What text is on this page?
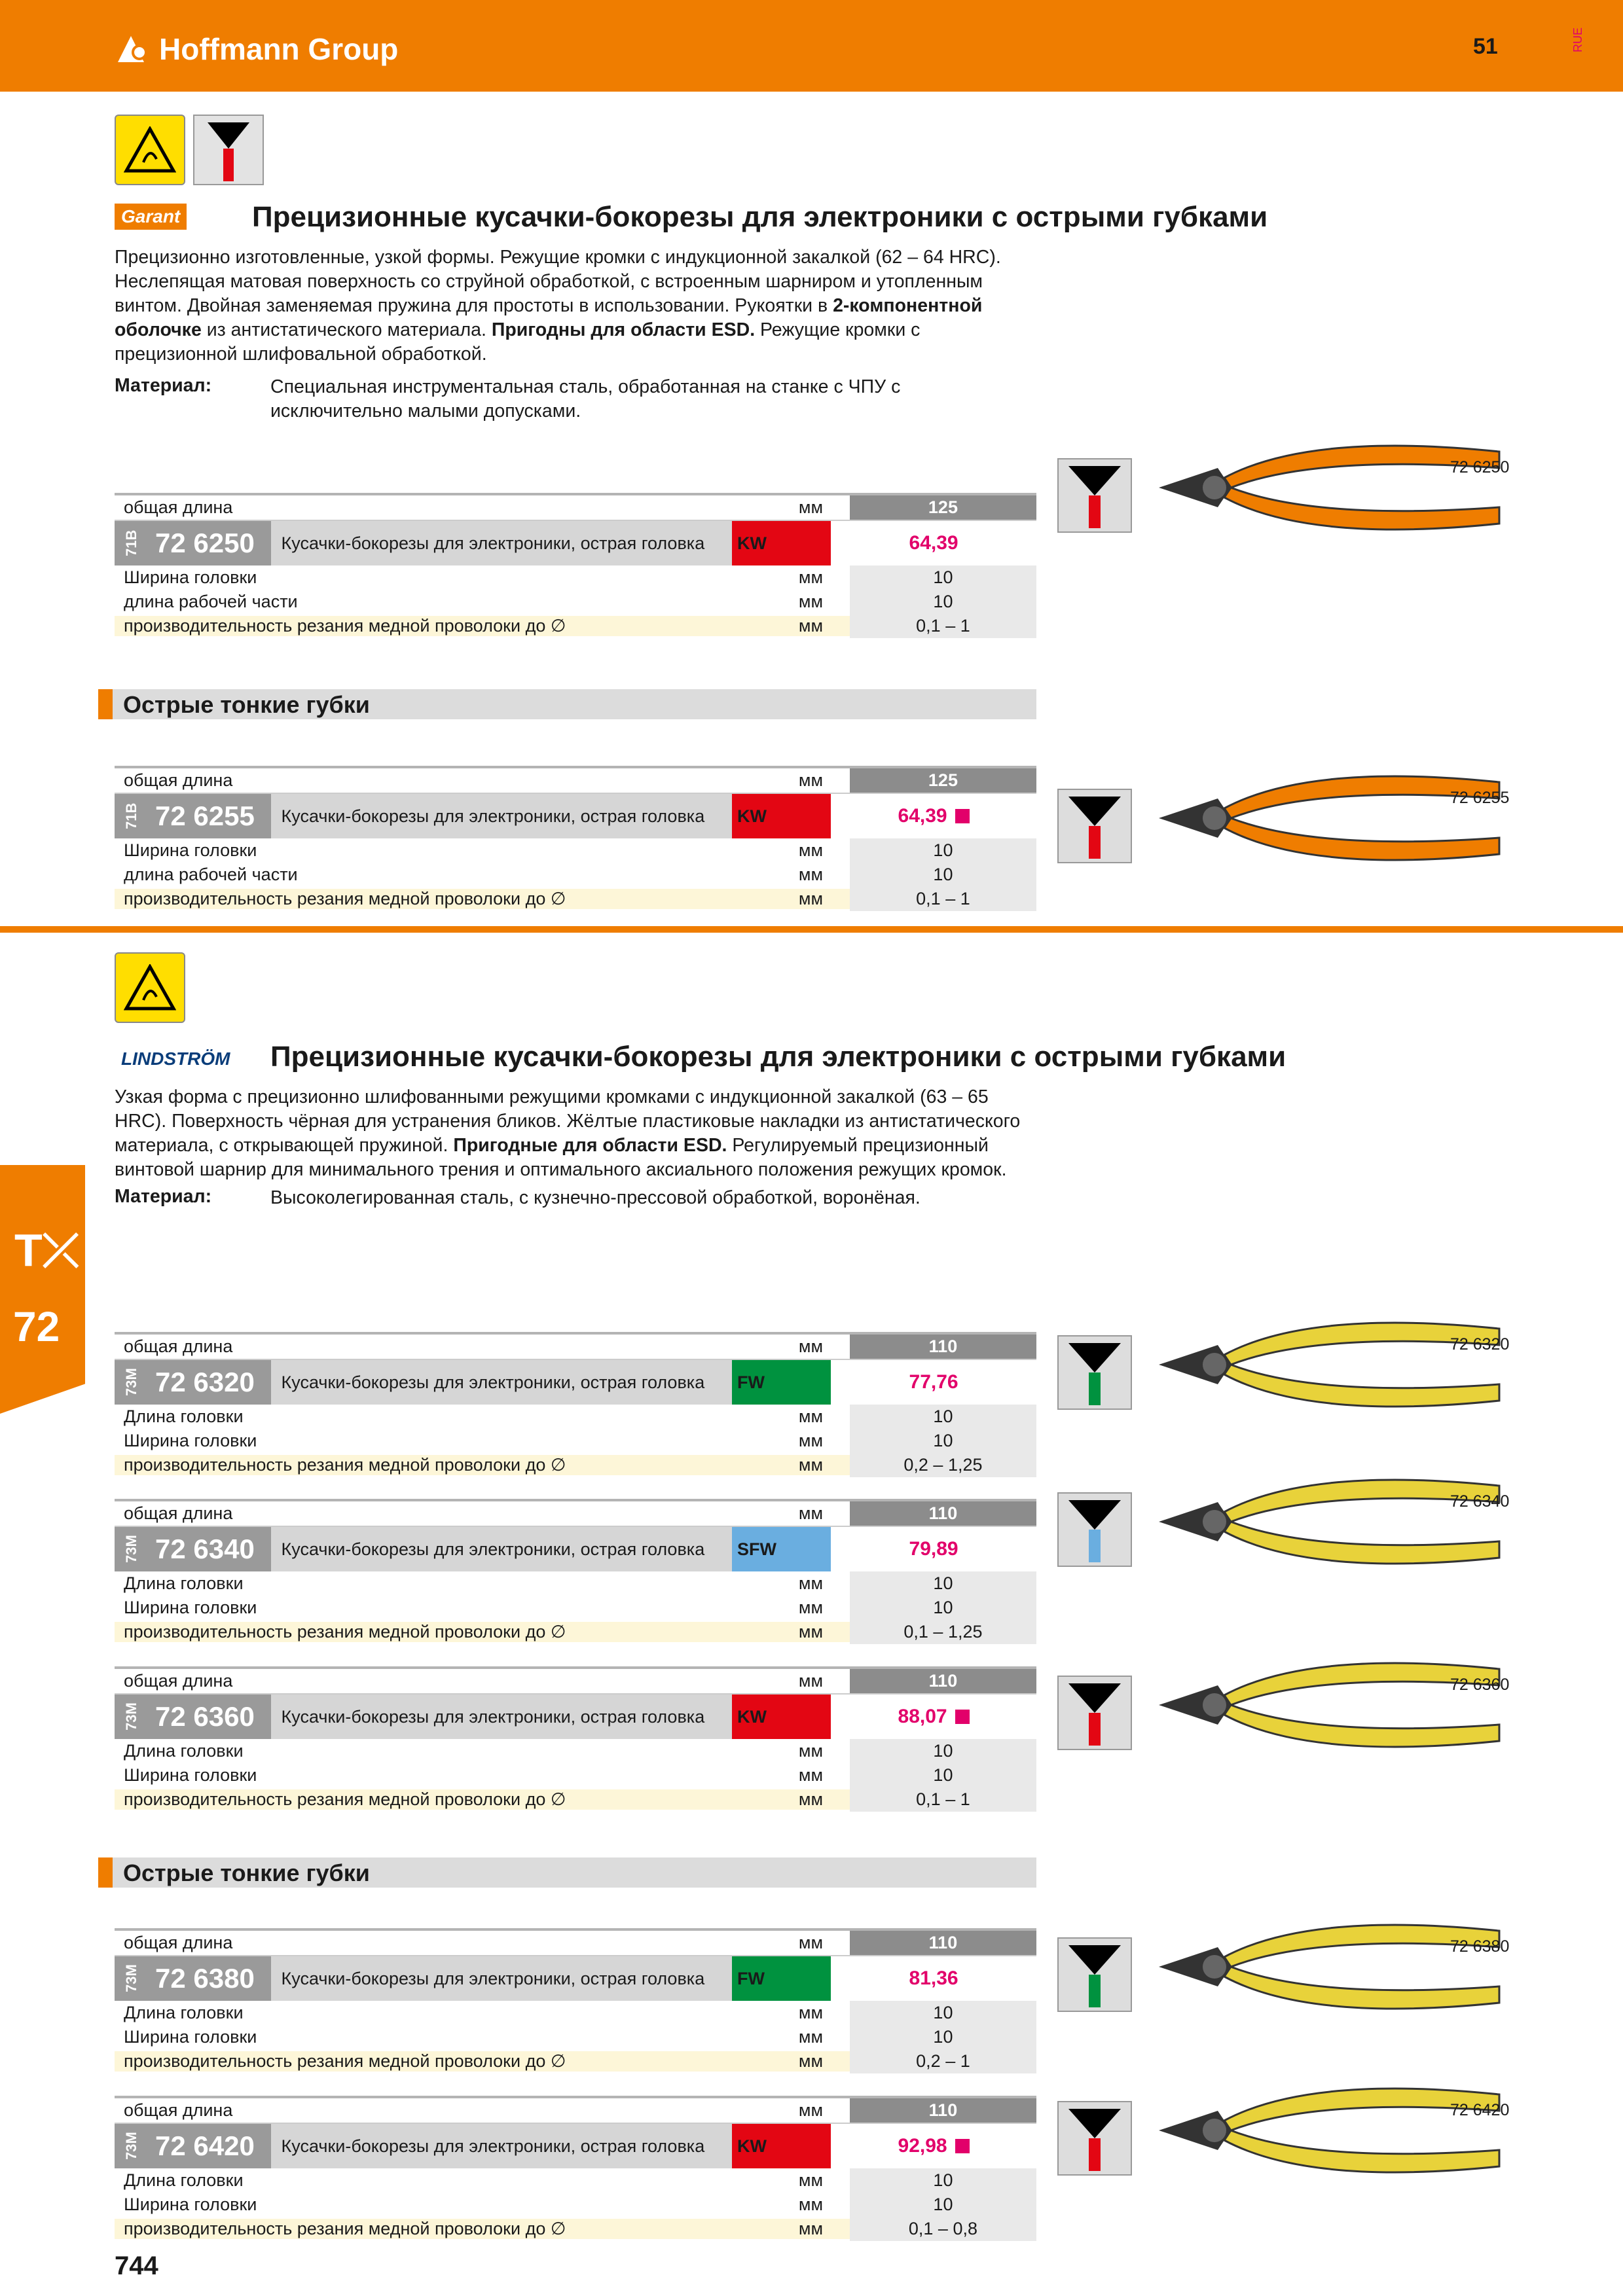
Hoffmann Group	51	RUE
Garant Прецизионные кусачки-бокорезы для электроники с острыми губками
Прецизионно изготовленные, узкой формы. Режущие кромки с индукционной закалкой (62 – 64 HRC). Неслепящая матовая поверхность со струйной обработкой, с встроенным шарниром и утопленным винтом. Двойная заменяемая пружина для простоты в использовании. Рукоятки в 2-компонентной оболочке из антистатического материала. Пригодны для области ESD. Режущие кромки с прецизионной шлифовальной обработкой.
Материал:	Специальная инструментальная сталь, обработанная на станке с ЧПУ с исключительно малыми допусками.
общая длина	мм	125
71В 72 6250	Кусачки-бокорезы для электроники, острая головка	KW	64,39
Ширина головки	мм	10
длина рабочей части	мм	10
производительность резания медной проволоки до ∅	мм	0,1 – 1
общая длина	мм	125
71В 72 6255	Кусачки-бокорезы для электроники, острая головка	KW	64,39
Ширина головки	мм	10
длина рабочей части	мм	10
производительность резания медной проволоки до ∅	мм	0,1 – 1
общая длина	мм	110
73М 72 6320	Кусачки-бокорезы для электроники, острая головка	FW	77,76
Длина головки	мм	10
Ширина головки	мм	10
производительность резания медной проволоки до ∅	мм	0,2 – 1,25
общая длина	мм	110
73М 72 6340	Кусачки-бокорезы для электроники, острая головка	SFW	79,89
Длина головки	мм	10
Ширина головки	мм	10
производительность резания медной проволоки до ∅	мм	0,1 – 1,25
общая длина	мм	110
73М 72 6360	Кусачки-бокорезы для электроники, острая головка	KW	88,07
Длина головки	мм	10
Ширина головки	мм	10
производительность резания медной проволоки до ∅	мм	0,1 – 1
общая длина	мм	110
73М 72 6380	Кусачки-бокорезы для электроники, острая головка	FW	81,36
Длина головки	мм	10
Ширина головки	мм	10
производительность резания медной проволоки до ∅	мм	0,2 – 1
общая длина	мм	110
73М 72 6420	Кусачки-бокорезы для электроники, острая головка	KW	92,98
Длина головки	мм	10
Ширина головки	мм	10
производительность резания медной проволоки до ∅	мм	0,1 – 0,8
Острые тонкие губки
LINDSTRÖM Прецизионные кусачки-бокорезы для электроники с острыми губками
Узкая форма с прецизионно шлифованными режущими кромками с индукционной закалкой (63 – 65 HRC). Поверхность чёрная для устранения бликов. Жёлтые пластиковые накладки из антистатического материала, с открывающей пружиной. Пригодные для области ESD. Регулируемый прецизионный винтовой шарнир для минимального трения и оптимального аксиального положения режущих кромок.
Материал:	Высоколегированная сталь, с кузнечно-прессовой обработкой, воронёная.
Острые тонкие губки
T⤫
72
72 6250
72 6255
72 6320
72 6340
72 6360
72 6380
72 6420
744
